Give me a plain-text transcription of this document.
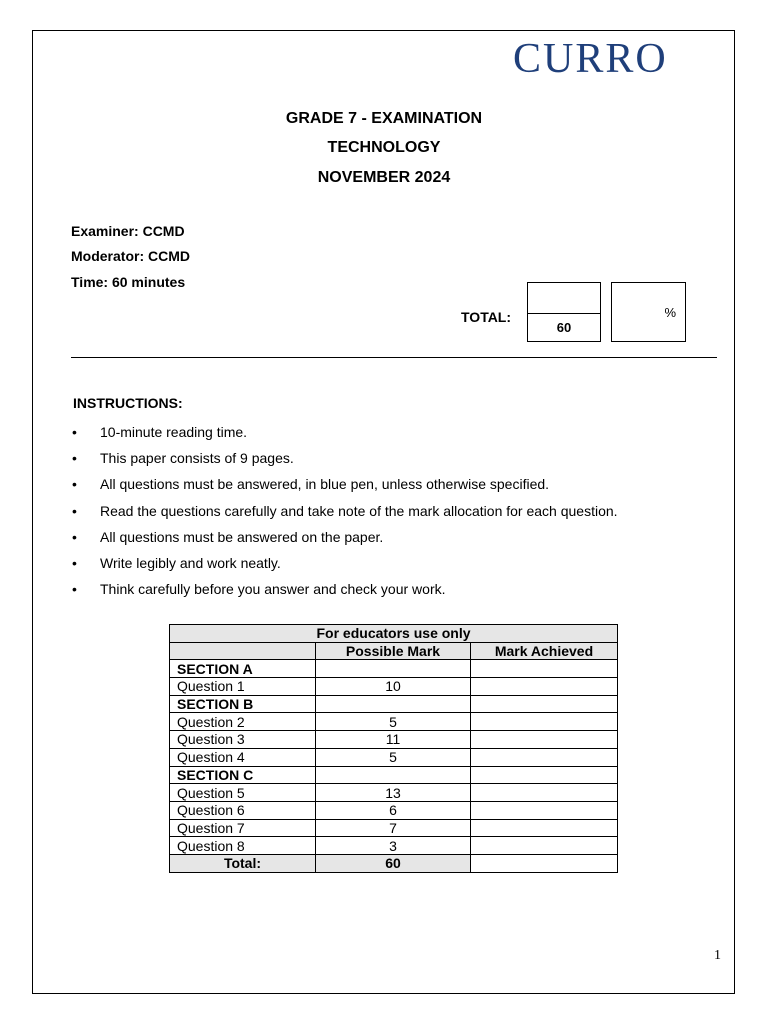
CURRO
GRADE 7 - EXAMINATION
TECHNOLOGY
NOVEMBER 2024
Examiner: CCMD
Moderator: CCMD
Time: 60 minutes
TOTAL:
60
%
INSTRUCTIONS:
• 10-minute reading time.
• This paper consists of 9 pages.
• All questions must be answered, in blue pen, unless otherwise specified.
• Read the questions carefully and take note of the mark allocation for each question.
• All questions must be answered on the paper.
• Write legibly and work neatly.
• Think carefully before you answer and check your work.
For educators use only		
	Possible Mark	Mark Achieved
SECTION A		
Question 1	10	
SECTION B		
Question 2	5	
Question 3	11	
Question 4	5	
SECTION C		
Question 5	13	
Question 6	6	
Question 7	7	
Question 8	3	
Total:	60	
1
